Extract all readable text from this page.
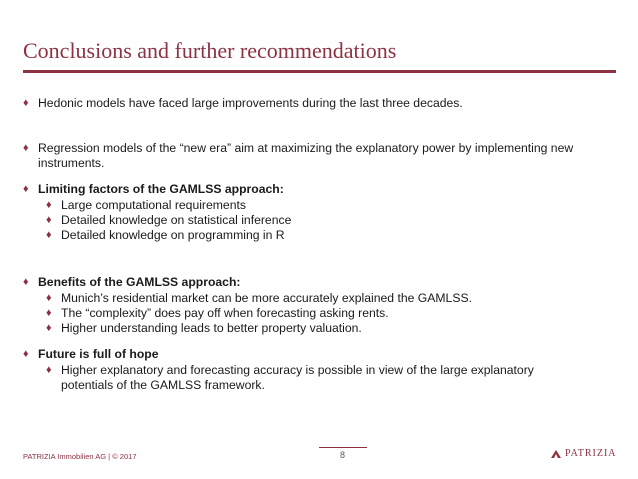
Conclusions and further recommendations
♦ Hedonic models have faced large improvements during the last three decades.
♦ Regression models of the “new era” aim at maximizing the explanatory power by implementing new instruments.
♦ Limiting factors of the GAMLSS approach:
♦ Large computational requirements
♦ Detailed knowledge on statistical inference
♦ Detailed knowledge on programming in R
♦ Benefits of the GAMLSS approach:
♦ Munich’s residential market can be more accurately explained the GAMLSS.
♦ The “complexity” does pay off when forecasting asking rents.
♦ Higher understanding leads to better property valuation.
♦ Future is full of hope
♦ Higher explanatory and forecasting accuracy is possible in view of the large explanatory potentials of the GAMLSS framework.
PATRIZIA Immobilien AG | © 2017	8	PATRIZIA
